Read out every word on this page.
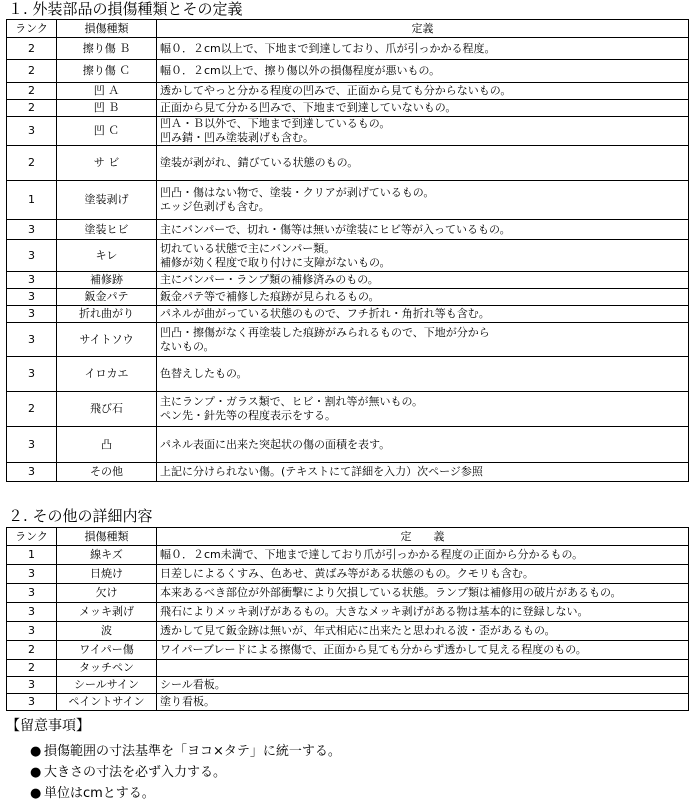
１. 外装部品の損傷種類とその定義
ランク	損傷種類	定義
2	擦り傷 Ｂ	幅０．２cm以上で、下地まで到達しており、爪が引っかかる程度。

2	擦り傷 Ｃ	幅０．２cm以上で、擦り傷以外の損傷程度が悪いもの。

2	凹 Ａ	透かしてやっと分かる程度の凹みで、正面から見ても分からないもの。

2	凹 Ｂ	正面から見て分かる凹みで、下地まで到達していないもの。

3	凹 Ｃ	凹Ａ・Ｂ以外で、下地まで到達しているもの。
凹み錆・凹み塗装剥げも含む。

2	サ ビ	塗装が剥がれ、錆びている状態のもの。

1	塗装剥げ	凹凸・傷はない物で、塗装・クリアが剥げているもの。
エッジ色剥げも含む。

3	塗装ヒビ	主にバンパーで、切れ・傷等は無いが塗装にヒビ等が入っているもの。

3	キレ	切れている状態で主にバンパー類。
補修が効く程度で取り付けに支障がないもの。

3	補修跡	主にバンパー・ランプ類の補修済みのもの。

3	鈑金パテ	鈑金パテ等で補修した痕跡が見られるもの。

3	折れ曲がり	パネルが曲がっている状態のもので、フチ折れ・角折れ等も含む。

3	サイトソウ	凹凸・擦傷がなく再塗装した痕跡がみられるもので、下地が分から
ないもの。

3	イロカエ	色替えしたもの。

2	飛び石	主にランプ・ガラス類で、ヒビ・割れ等が無いもの。
ペン先・針先等の程度表示をする。

3	凸	パネル表面に出来た突起状の傷の面積を表す。

3	その他	上記に分けられない傷。(テキストにて詳細を入力）次ページ参照
２. その他の詳細内容
ランク	損傷種類	定　　義
1	線キズ	幅０．２cm未満で、下地まで達しており爪が引っかかる程度の正面から分かるもの。

3	日焼け	日差しによるくすみ、色あせ、黄ばみ等がある状態のもの。クモリも含む。

3	欠け	本来あるべき部位が外部衝撃により欠損している状態。ランプ類は補修用の破片があるもの。

3	メッキ剥げ	飛石によりメッキ剥げがあるもの。大きなメッキ剥げがある物は基本的に登録しない。

3	波	透かして見て鈑金跡は無いが、年式相応に出来たと思われる波・歪があるもの。

2	ワイパー傷	ワイパーブレードによる擦傷で、正面から見ても分からず透かして見える程度のもの。

2	タッチペン	

3	シールサイン	シール看板。

3	ペイントサイン	塗り看板。
【留意事項】
● 損傷範囲の寸法基準を「ヨコ×タテ」に統一する。
● 大きさの寸法を必ず入力する。
● 単位はcmとする。
